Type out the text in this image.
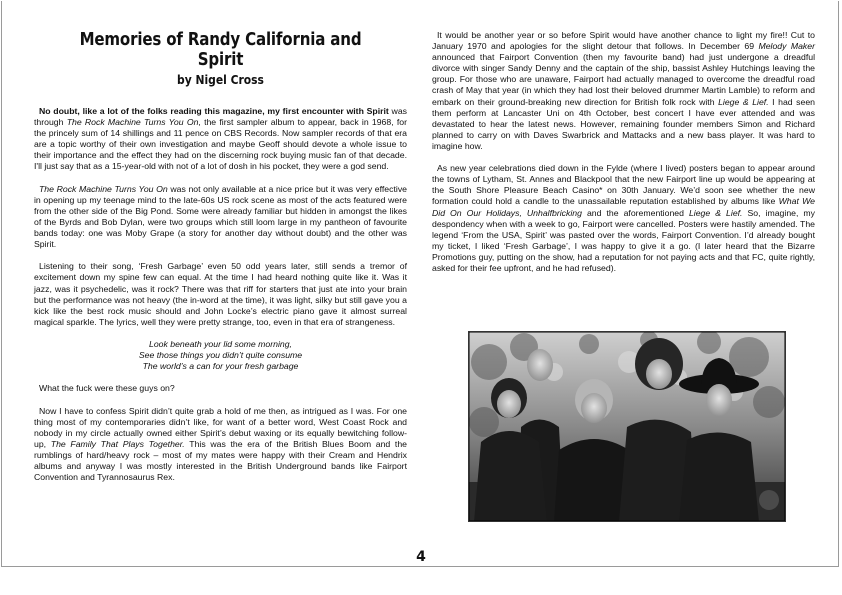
Memories of Randy California and Spirit
by Nigel Cross

No doubt, like a lot of the folks reading this magazine, my first encounter with Spirit was through The Rock Machine Turns You On, the first sampler album to appear, back in 1968, for the princely sum of 14 shillings and 11 pence on CBS Records. Now sampler records of that era are a topic worthy of their own investigation and maybe Geoff should devote a whole issue to their importance and the effect they had on the discerning rock buying music fan of that decade. I'll just say that as a 15-year-old with not of a lot of dosh in his pocket, they were a god send.

The Rock Machine Turns You On was not only available at a nice price but it was very effective in opening up my teenage mind to the late-60s US rock scene as most of the acts featured were from the other side of the Big Pond. Some were already familiar but hidden in amongst the likes of the Byrds and Bob Dylan, were two groups which still loom large in my pantheon of favourite bands today: one was Moby Grape (a story for another day without doubt) and the other was Spirit.

Listening to their song, ‘Fresh Garbage’ even 50 odd years later, still sends a tremor of excitement down my spine few can equal. At the time I had heard nothing quite like it. Was it jazz, was it psychedelic, was it rock? There was that riff for starters that just ate into your brain but the performance was not heavy (the in-word at the time), it was light, silky but still gave you a kick like the best rock music should and John Locke’s electric piano gave it almost surreal magical sparkle. The lyrics, well they were pretty strange, too, even in that era of strangeness.

Look beneath your lid some morning,
See those things you didn’t quite consume
The world’s a can for your fresh garbage

What the fuck were these guys on?

Now I have to confess Spirit didn’t quite grab a hold of me then, as intrigued as I was. For one thing most of my contemporaries didn’t like, for want of a better word, West Coast Rock and nobody in my circle actually owned either Spirit’s debut waxing or its equally bewitching follow-up, The Family That Plays Together. This was the era of the British Blues Boom and the rumblings of hard/heavy rock – most of my mates were happy with their Cream and Hendrix albums and anyway I was mostly interested in the British Underground bands like Fairport Convention and Tyrannosaurus Rex.

It would be another year or so before Spirit would have another chance to light my fire!! Cut to January 1970 and apologies for the slight detour that follows. In December 69 Melody Maker announced that Fairport Convention (then my favourite band) had just undergone a dreadful divorce with singer Sandy Denny and the captain of the ship, bassist Ashley Hutchings leaving the group. For those who are unaware, Fairport had actually managed to overcome the dreadful road crash of May that year (in which they had lost their beloved drummer Martin Lamble) to reform and embark on their ground-breaking new direction for British folk rock with Liege & Lief. I had seen them perform at Lancaster Uni on 4th October, best concert I have ever attended and was devastated to hear the latest news. However, remaining founder members Simon and Richard planned to carry on with Daves Swarbrick and Mattacks and a new bass player. It was hard to imagine how.

As new year celebrations died down in the Fylde (where I lived) posters began to appear around the towns of Lytham, St. Annes and Blackpool that the new Fairport line up would be appearing at the South Shore Pleasure Beach Casino* on 30th January. We’d soon see whether the new formation could hold a candle to the unassailable reputation established by albums like What We Did On Our Holidays, Unhalfbricking and the aforementioned Liege & Lief. So, imagine, my despondency when with a week to go, Fairport were cancelled. Posters were hastily amended. The legend ‘From the USA, Spirit’ was pasted over the words, Fairport Convention. I’d already bought my ticket, I liked ‘Fresh Garbage’, I was happy to give it a go. (I later heard that the Bizarre Promotions guy, putting on the show, had a reputation for not paying acts and that FC, quite rightly, asked for their fee upfront, and he had refused).

4
